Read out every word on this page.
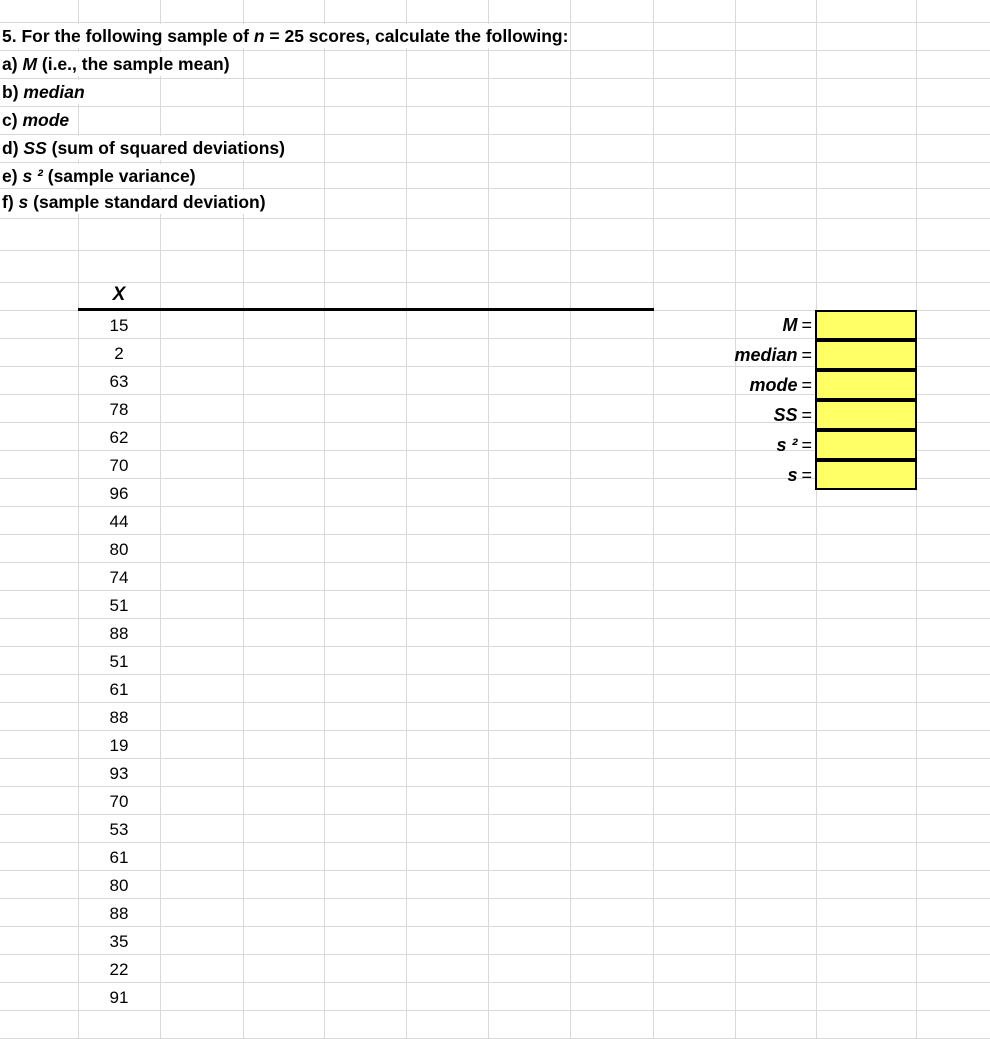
5. For the following sample of n = 25 scores, calculate the following:
a) M (i.e., the sample mean)
b) median
c) mode
d) SS (sum of squared deviations)
e) s ² (sample variance)
f) s (sample standard deviation)
X
15
2
63
78
62
70
96
44
80
74
51
88
51
61
88
19
93
70
53
61
80
88
35
22
91
M =
median =
mode =
SS =
s ² =
s =
